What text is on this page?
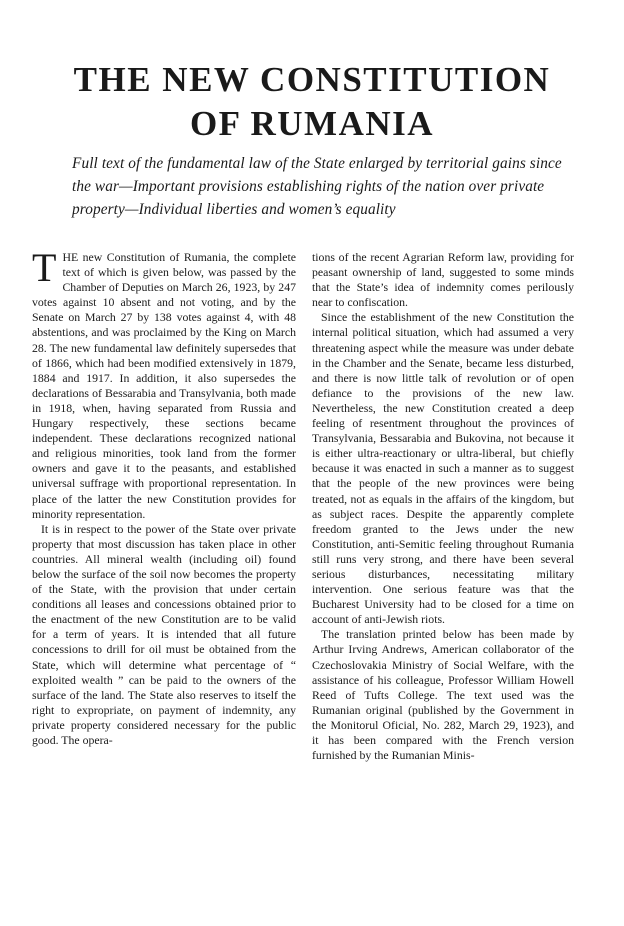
THE NEW CONSTITUTION
OF RUMANIA

Full text of the fundamental law of the State enlarged by territorial gains since the war—Important provisions establishing rights of the nation over private property—Individual liberties and women’s equality

THE new Constitution of Rumania, the complete text of which is given below, was passed by the Chamber of Deputies on March 26, 1923, by 247 votes against 10 absent and not voting, and by the Senate on March 27 by 138 votes against 4, with 48 abstentions, and was proclaimed by the King on March 28. The new fundamental law definitely supersedes that of 1866, which had been modified extensively in 1879, 1884 and 1917. In addition, it also supersedes the declarations of Bessarabia and Transylvania, both made in 1918, when, having separated from Russia and Hungary respectively, these sections became independent. These declarations recognized national and religious minorities, took land from the former owners and gave it to the peasants, and established universal suffrage with proportional representation. In place of the latter the new Constitution provides for minority representation.

It is in respect to the power of the State over private property that most discussion has taken place in other countries. All mineral wealth (including oil) found below the surface of the soil now becomes the property of the State, with the provision that under certain conditions all leases and concessions obtained prior to the enactment of the new Constitution are to be valid for a term of years. It is intended that all future concessions to drill for oil must be obtained from the State, which will determine what percentage of “ exploited wealth ” can be paid to the owners of the surface of the land. The State also reserves to itself the right to expropriate, on payment of indemnity, any private property considered necessary for the public good. The opera-

tions of the recent Agrarian Reform law, providing for peasant ownership of land, suggested to some minds that the State’s idea of indemnity comes perilously near to confiscation.

Since the establishment of the new Constitution the internal political situation, which had assumed a very threatening aspect while the measure was under debate in the Chamber and the Senate, became less disturbed, and there is now little talk of revolution or of open defiance to the provisions of the new law. Nevertheless, the new Constitution created a deep feeling of resentment throughout the provinces of Transylvania, Bessarabia and Bukovina, not because it is either ultra-reactionary or ultra-liberal, but chiefly because it was enacted in such a manner as to suggest that the people of the new provinces were being treated, not as equals in the affairs of the kingdom, but as subject races. Despite the apparently complete freedom granted to the Jews under the new Constitution, anti-Semitic feeling throughout Rumania still runs very strong, and there have been several serious disturbances, necessitating military intervention. One serious feature was that the Bucharest University had to be closed for a time on account of anti-Jewish riots.

The translation printed below has been made by Arthur Irving Andrews, American collaborator of the Czechoslovakia Ministry of Social Welfare, with the assistance of his colleague, Professor William Howell Reed of Tufts College. The text used was the Rumanian original (published by the Government in the Monitorul Oficial, No. 282, March 29, 1923), and it has been compared with the French version furnished by the Rumanian Minis-
